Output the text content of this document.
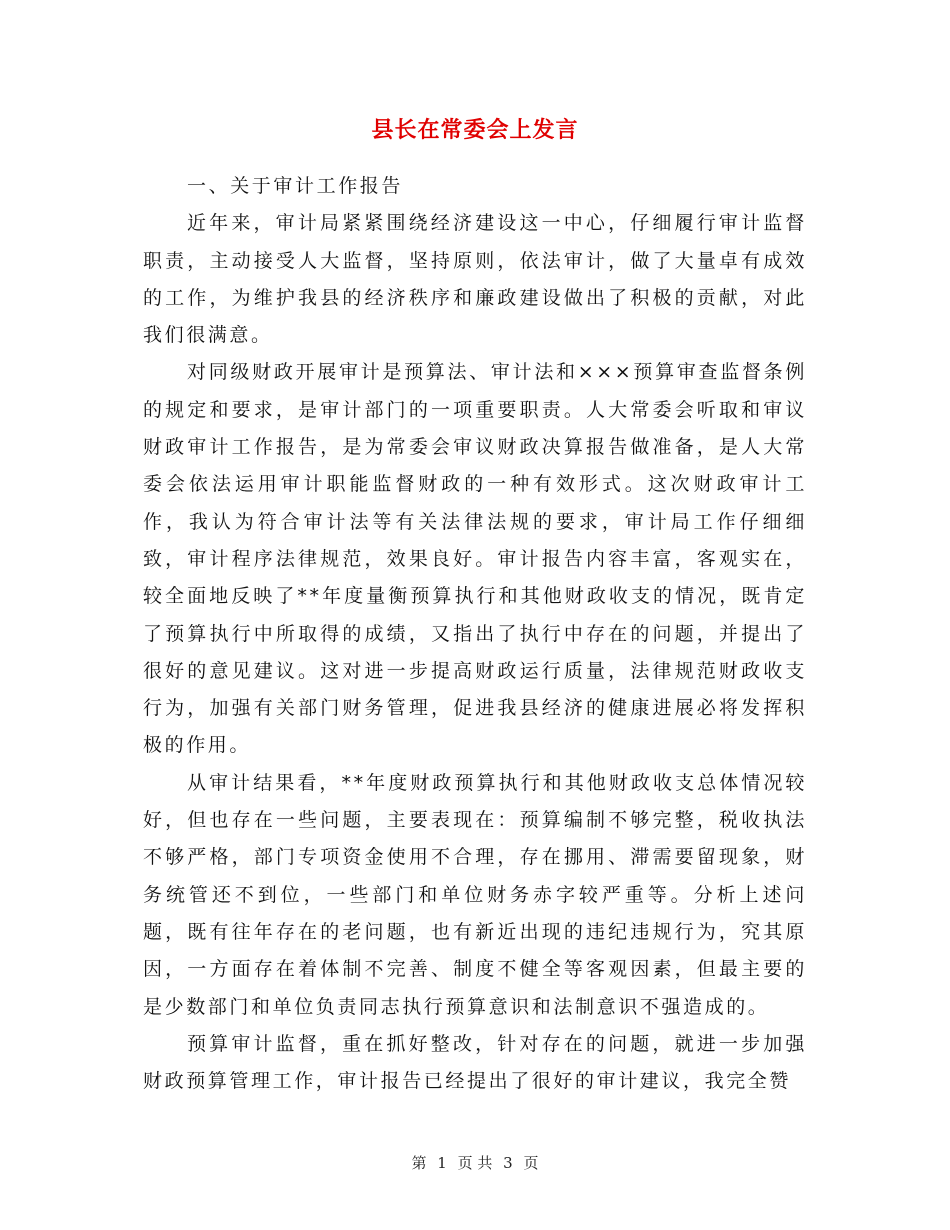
县长在常委会上发言

一、关于审计工作报告

近年来，审计局紧紧围绕经济建设这一中心，仔细履行审计监督职责，主动接受人大监督，坚持原则，依法审计，做了大量卓有成效的工作，为维护我县的经济秩序和廉政建设做出了积极的贡献，对此我们很满意。

对同级财政开展审计是预算法、审计法和×××预算审查监督条例的规定和要求，是审计部门的一项重要职责。人大常委会听取和审议财政审计工作报告，是为常委会审议财政决算报告做准备，是人大常委会依法运用审计职能监督财政的一种有效形式。这次财政审计工作，我认为符合审计法等有关法律法规的要求，审计局工作仔细细致，审计程序法律规范，效果良好。审计报告内容丰富，客观实在，较全面地反映了**年度量衡预算执行和其他财政收支的情况，既肯定了预算执行中所取得的成绩，又指出了执行中存在的问题，并提出了很好的意见建议。这对进一步提高财政运行质量，法律规范财政收支行为，加强有关部门财务管理，促进我县经济的健康进展必将发挥积极的作用。

从审计结果看，**年度财政预算执行和其他财政收支总体情况较好，但也存在一些问题，主要表现在：预算编制不够完整，税收执法不够严格，部门专项资金使用不合理，存在挪用、滞需要留现象，财务统管还不到位，一些部门和单位财务赤字较严重等。分析上述问题，既有往年存在的老问题，也有新近出现的违纪违规行为，究其原因，一方面存在着体制不完善、制度不健全等客观因素，但最主要的是少数部门和单位负责同志执行预算意识和法制意识不强造成的。

预算审计监督，重在抓好整改，针对存在的问题，就进一步加强财政预算管理工作，审计报告已经提出了很好的审计建议，我完全赞

第 1 页 共 3 页
